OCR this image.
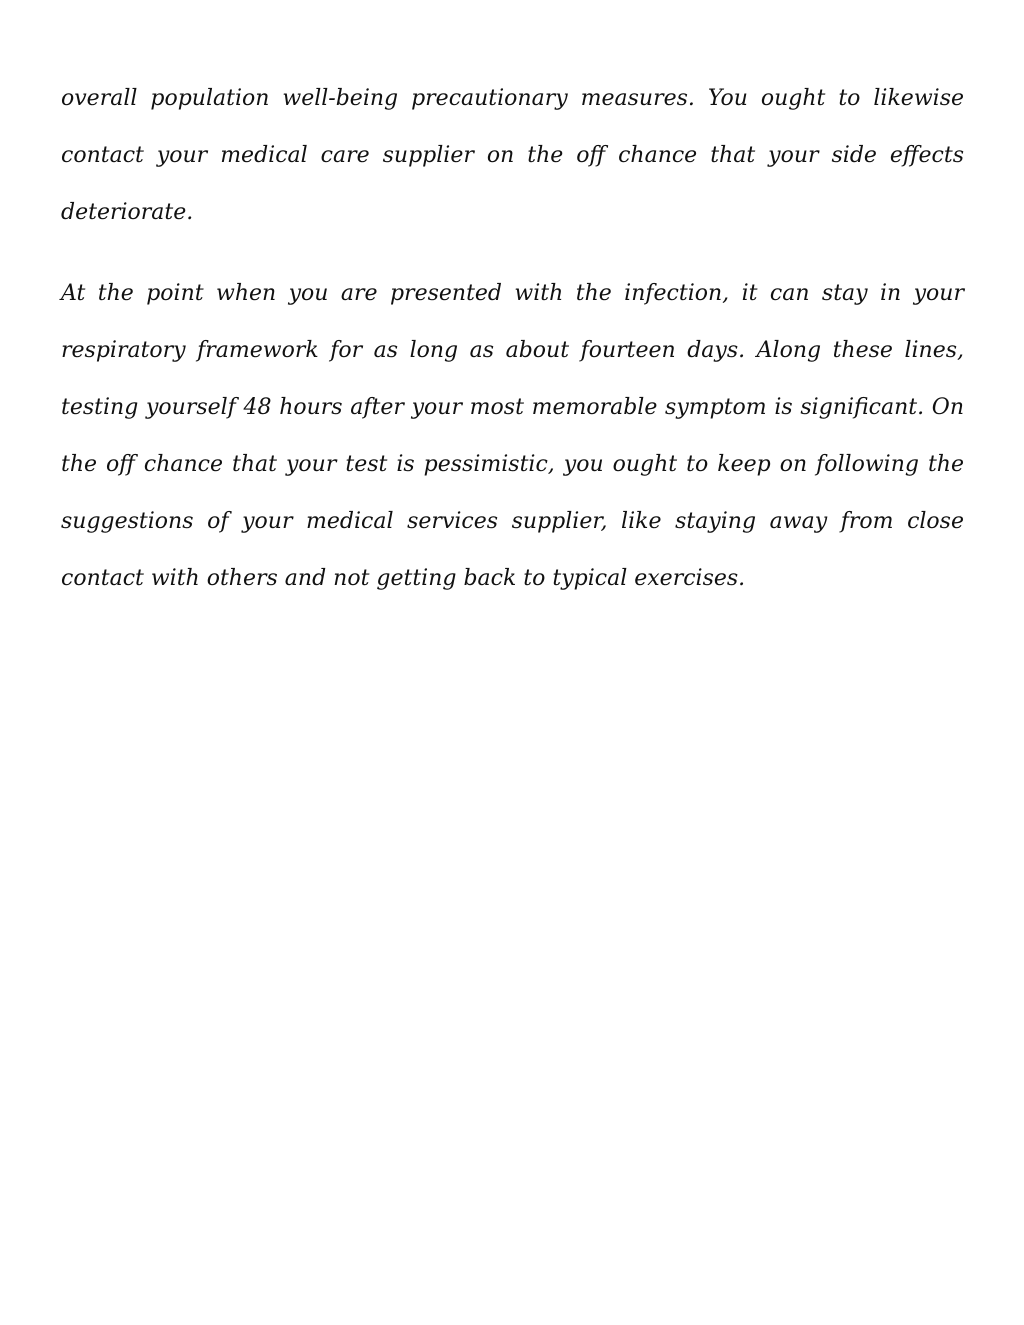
overall population well-being precautionary measures. You ought to likewise contact your medical care supplier on the off chance that your side effects deteriorate.

At the point when you are presented with the infection, it can stay in your respiratory framework for as long as about fourteen days. Along these lines, testing yourself 48 hours after your most memorable symptom is significant. On the off chance that your test is pessimistic, you ought to keep on following the suggestions of your medical services supplier, like staying away from close contact with others and not getting back to typical exercises.
